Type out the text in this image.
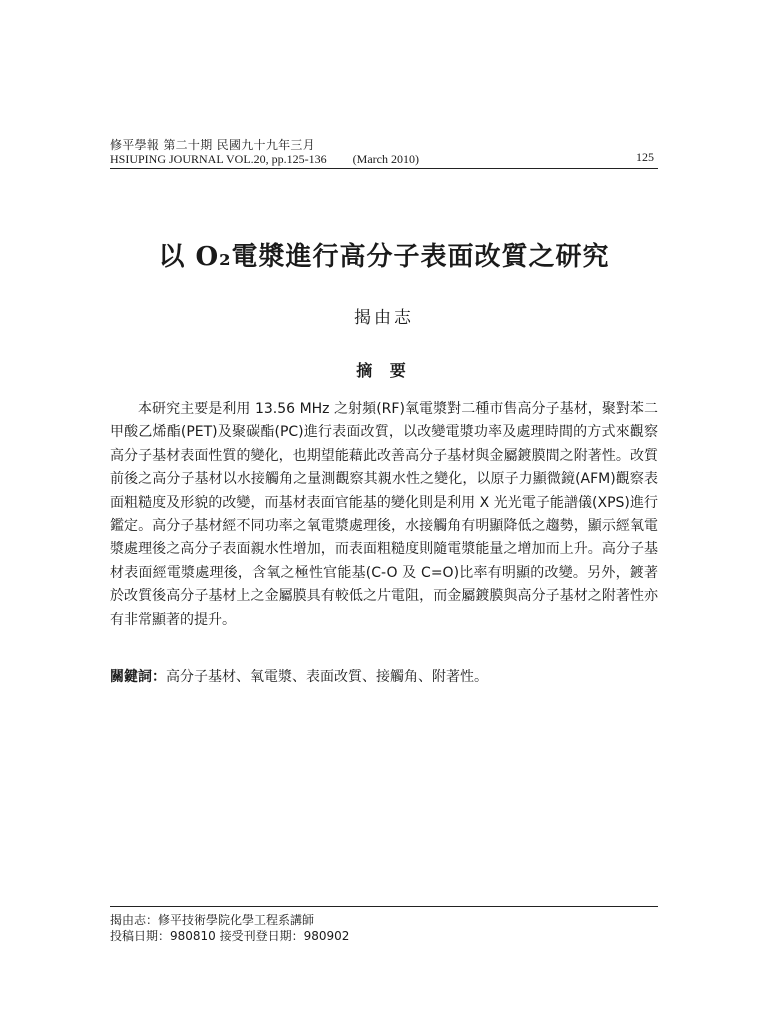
修平學報 第二十期 民國九十九年三月
HSIUPING JOURNAL VOL.20, pp.125-136 (March 2010)	125
以 O₂電漿進行高分子表面改質之研究
揭由志
摘 要
本研究主要是利用 13.56 MHz 之射頻(RF)氧電漿對二種市售高分子基材，聚對苯二甲酸乙烯酯(PET)及聚碳酯(PC)進行表面改質，以改變電漿功率及處理時間的方式來觀察高分子基材表面性質的變化，也期望能藉此改善高分子基材與金屬鍍膜間之附著性。改質前後之高分子基材以水接觸角之量測觀察其親水性之變化，以原子力顯微鏡(AFM)觀察表面粗糙度及形貌的改變，而基材表面官能基的變化則是利用 X 光光電子能譜儀(XPS)進行鑑定。高分子基材經不同功率之氧電漿處理後，水接觸角有明顯降低之趨勢，顯示經氧電漿處理後之高分子表面親水性增加，而表面粗糙度則隨電漿能量之增加而上升。高分子基材表面經電漿處理後，含氧之極性官能基(C-O 及 C=O)比率有明顯的改變。另外，鍍著於改質後高分子基材上之金屬膜具有較低之片電阻，而金屬鍍膜與高分子基材之附著性亦有非常顯著的提升。
關鍵詞：高分子基材、氧電漿、表面改質、接觸角、附著性。
揭由志：修平技術學院化學工程系講師
投稿日期：980810 接受刊登日期：980902
